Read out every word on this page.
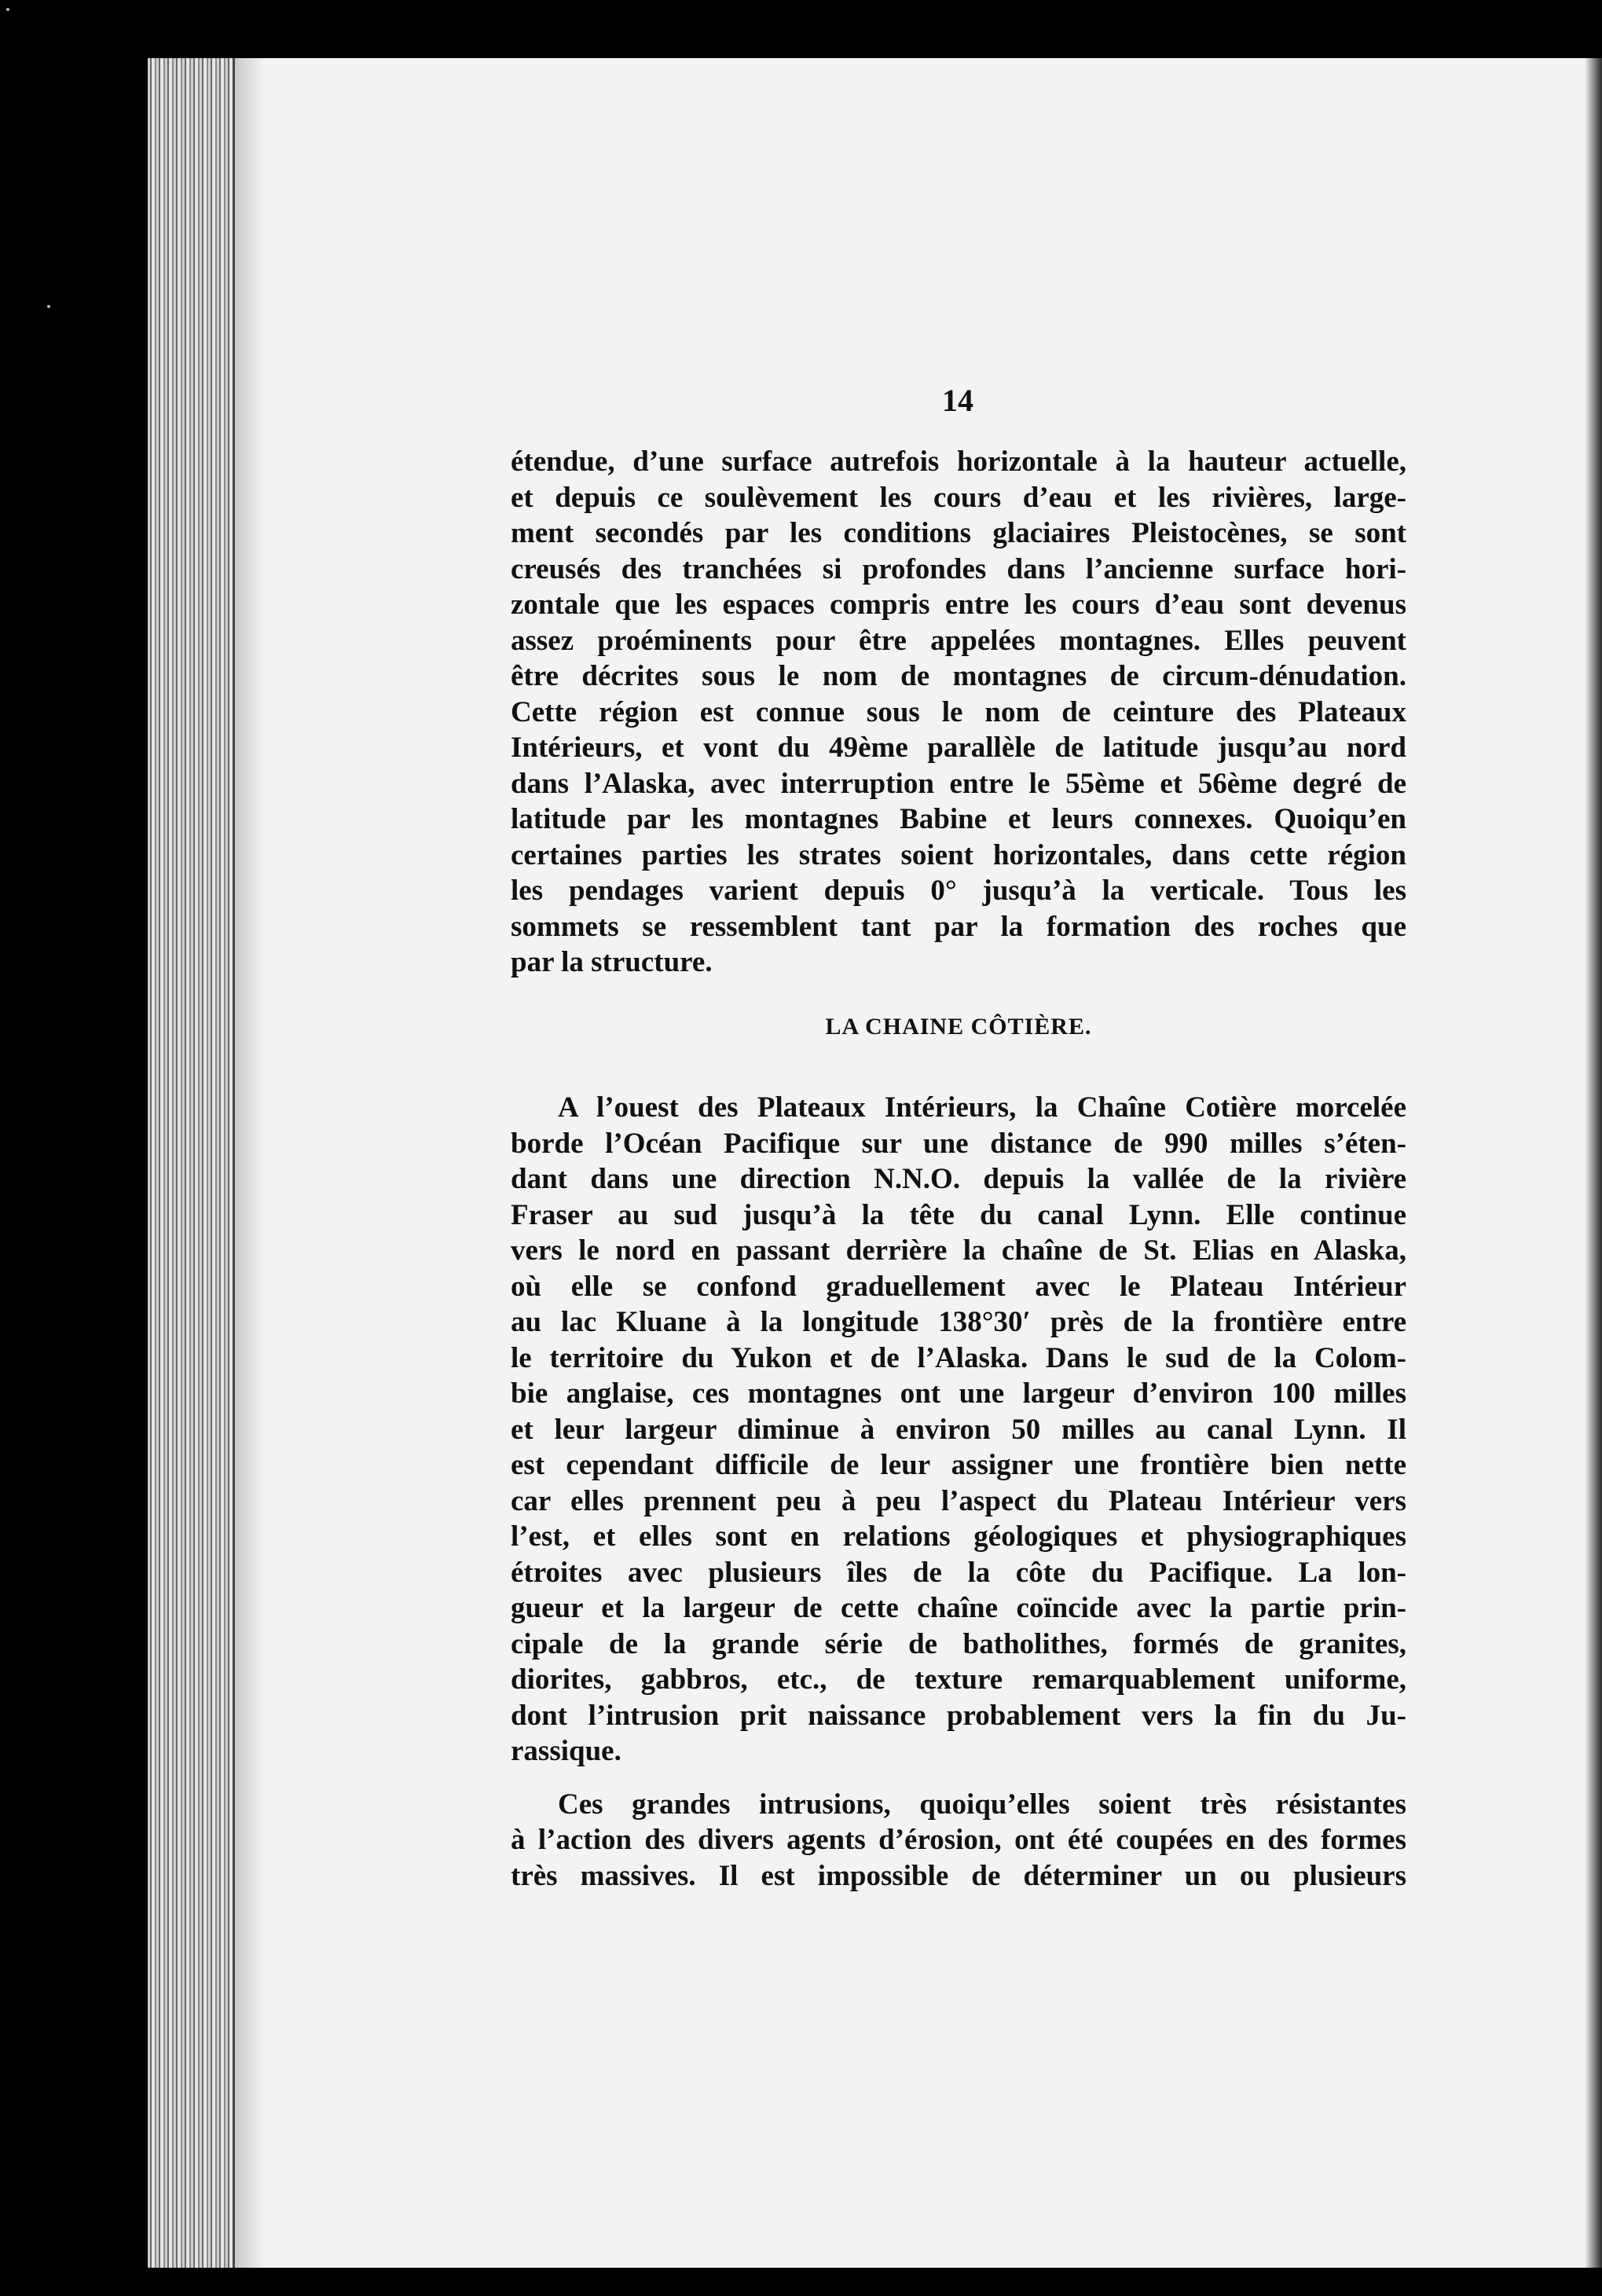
14
étendue, d’une surface autrefois horizontale à la hauteur actuelle,
et depuis ce soulèvement les cours d’eau et les rivières, large-
ment secondés par les conditions glaciaires Pleistocènes, se sont
creusés des tranchées si profondes dans l’ancienne surface hori-
zontale que les espaces compris entre les cours d’eau sont devenus
assez proéminents pour être appelées montagnes. Elles peuvent
être décrites sous le nom de montagnes de circum-dénudation.
Cette région est connue sous le nom de ceinture des Plateaux
Intérieurs, et vont du 49ème parallèle de latitude jusqu’au nord
dans l’Alaska, avec interruption entre le 55ème et 56ème degré de
latitude par les montagnes Babine et leurs connexes. Quoiqu’en
certaines parties les strates soient horizontales, dans cette région
les pendages varient depuis 0° jusqu’à la verticale. Tous les
sommets se ressemblent tant par la formation des roches que
par la structure.
LA CHAINE CÔTIÈRE.
A l’ouest des Plateaux Intérieurs, la Chaîne Cotière morcelée
borde l’Océan Pacifique sur une distance de 990 milles s’éten-
dant dans une direction N.N.O. depuis la vallée de la rivière
Fraser au sud jusqu’à la tête du canal Lynn. Elle continue
vers le nord en passant derrière la chaîne de St. Elias en Alaska,
où elle se confond graduellement avec le Plateau Intérieur
au lac Kluane à la longitude 138°30′ près de la frontière entre
le territoire du Yukon et de l’Alaska. Dans le sud de la Colom-
bie anglaise, ces montagnes ont une largeur d’environ 100 milles
et leur largeur diminue à environ 50 milles au canal Lynn. Il
est cependant difficile de leur assigner une frontière bien nette
car elles prennent peu à peu l’aspect du Plateau Intérieur vers
l’est, et elles sont en relations géologiques et physiographiques
étroites avec plusieurs îles de la côte du Pacifique. La lon-
gueur et la largeur de cette chaîne coïncide avec la partie prin-
cipale de la grande série de batholithes, formés de granites,
diorites, gabbros, etc., de texture remarquablement uniforme,
dont l’intrusion prit naissance probablement vers la fin du Ju-
rassique.
Ces grandes intrusions, quoiqu’elles soient très résistantes
à l’action des divers agents d’érosion, ont été coupées en des formes
très massives. Il est impossible de déterminer un ou plusieurs
